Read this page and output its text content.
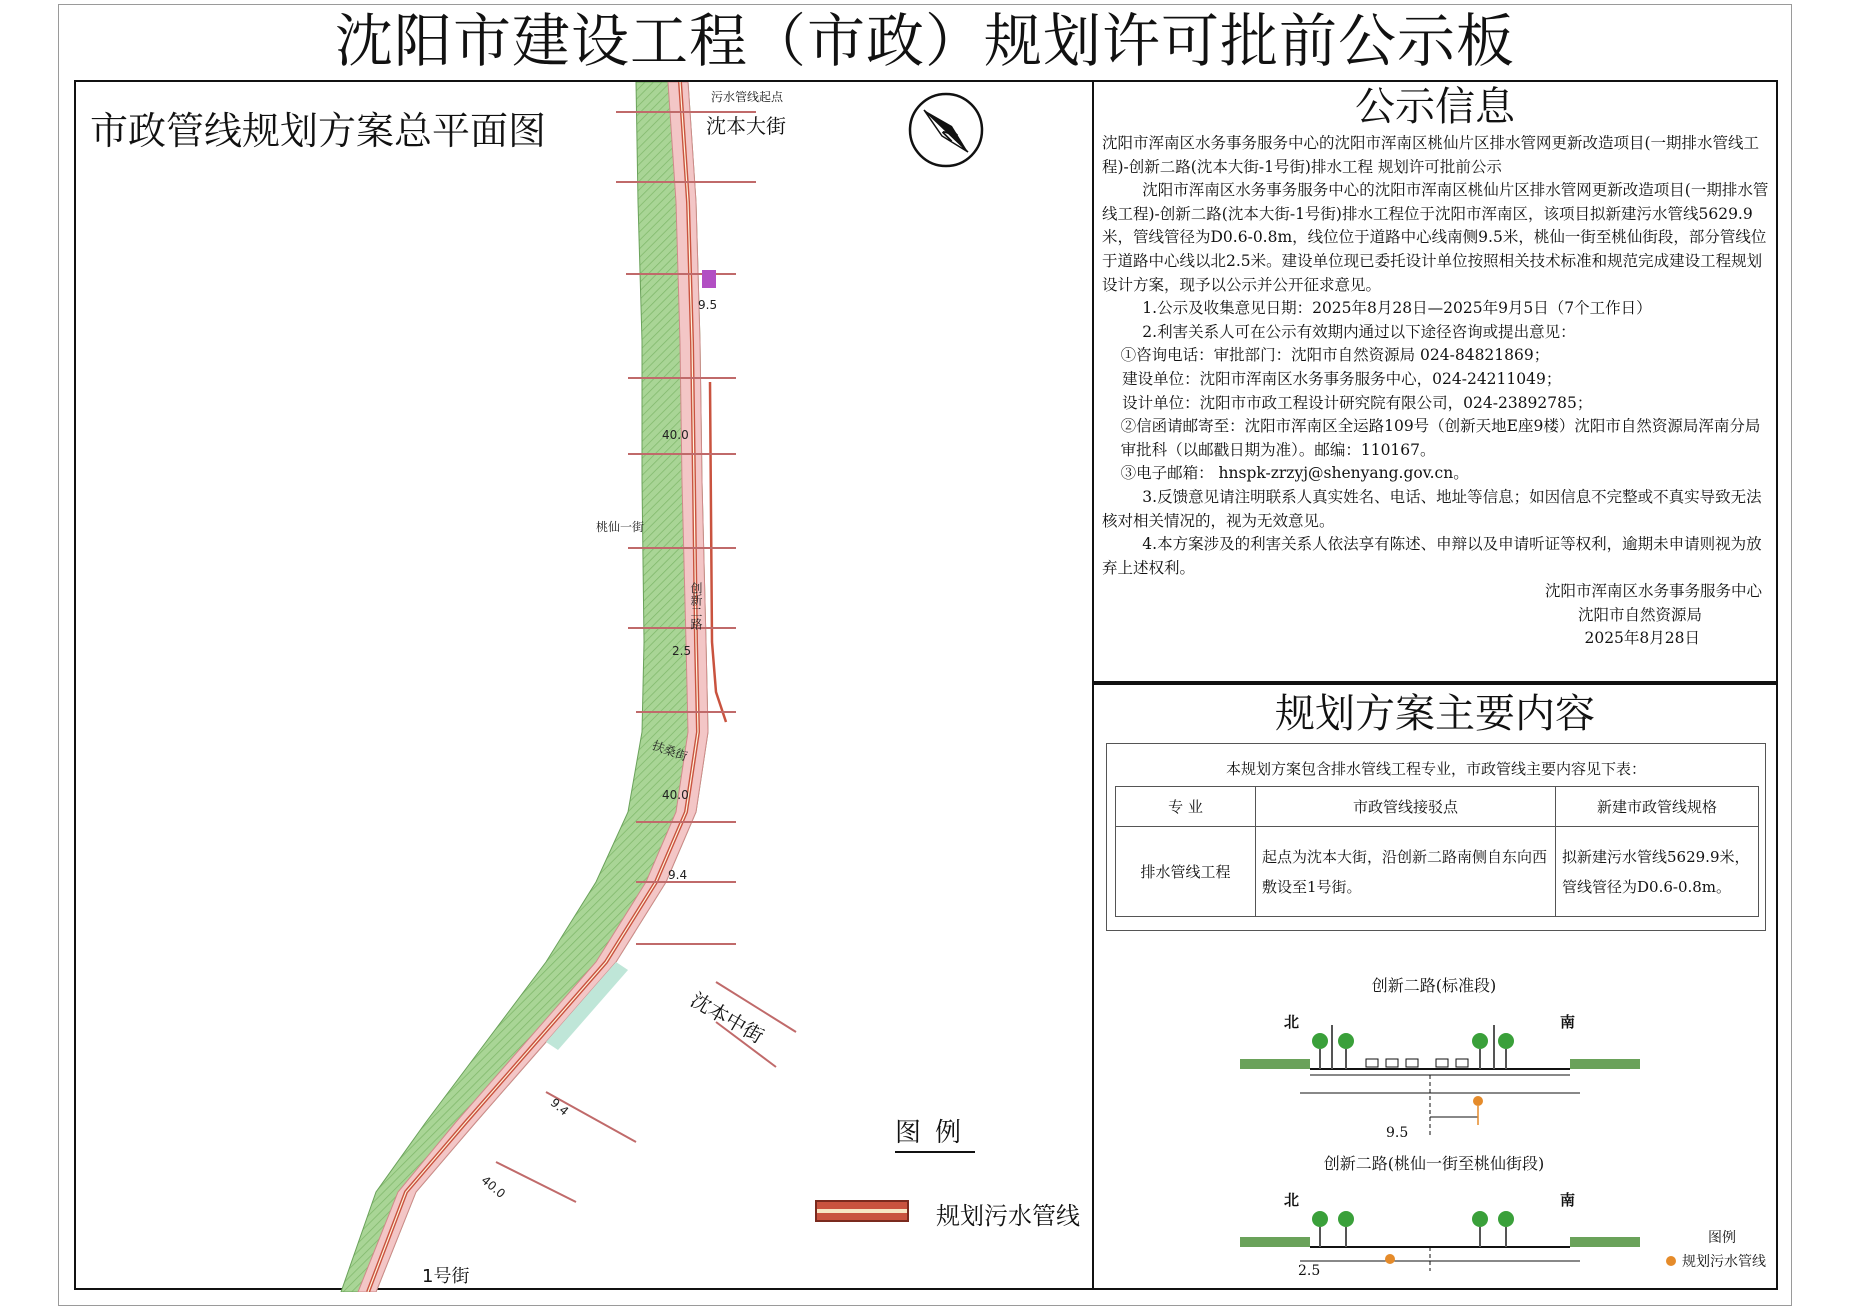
沈阳市建设工程（市政）规划许可批前公示板
市政管线规划方案总平面图
污水管线起点
沈本大街	N
沈本中街
1号街
桃仙一街
创新二路
扶桑街
9.5
40.0
2.5
40.0
9.4
9.4
40.0
图例
规划污水管线
公示信息

沈阳市浑南区水务事务服务中心的沈阳市浑南区桃仙片区排水管网更新改造项目(一期排水管线工程)-创新二路(沈本大街-1号街)排水工程 规划许可批前公示

沈阳市浑南区水务事务服务中心的沈阳市浑南区桃仙片区排水管网更新改造项目(一期排水管线工程)-创新二路(沈本大街-1号街)排水工程位于沈阳市浑南区，该项目拟新建污水管线5629.9米，管线管径为D0.6-0.8m，线位位于道路中心线南侧9.5米，桃仙一街至桃仙街段，部分管线位于道路中心线以北2.5米。建设单位现已委托设计单位按照相关技术标准和规范完成建设工程规划设计方案，现予以公示并公开征求意见。

1.公示及收集意见日期：2025年8月28日—2025年9月5日（7个工作日）

2.利害关系人可在公示有效期内通过以下途径咨询或提出意见：

①咨询电话：审批部门：沈阳市自然资源局 024-84821869；

建设单位：沈阳市浑南区水务事务服务中心，024-24211049；

设计单位：沈阳市市政工程设计研究院有限公司，024-23892785；

②信函请邮寄至：沈阳市浑南区全运路109号（创新天地E座9楼）沈阳市自然资源局浑南分局审批科（以邮戳日期为准）。邮编：110167。

③电子邮箱： hnspk-zrzyj@shenyang.gov.cn。

3.反馈意见请注明联系人真实姓名、电话、地址等信息；如因信息不完整或不真实导致无法核对相关情况的，视为无效意见。

4.本方案涉及的利害关系人依法享有陈述、申辩以及申请听证等权利，逾期未申请则视为放弃上述权利。

沈阳市浑南区水务事务服务中心

沈阳市自然资源局

2025年8月28日

规划方案主要内容
本规划方案包含排水管线工程专业，市政管线主要内容见下表：
专 业	市政管线接驳点	新建市政管线规格
排水管线工程	起点为沈本大街，沿创新二路南侧自东向西敷设至1号街。	拟新建污水管线5629.9米，管线管径为D0.6-0.8m。
创新二路(标准段)
北	南
9.5
创新二路(桃仙一街至桃仙街段)
北	南
2.5
图例
规划污水管线
